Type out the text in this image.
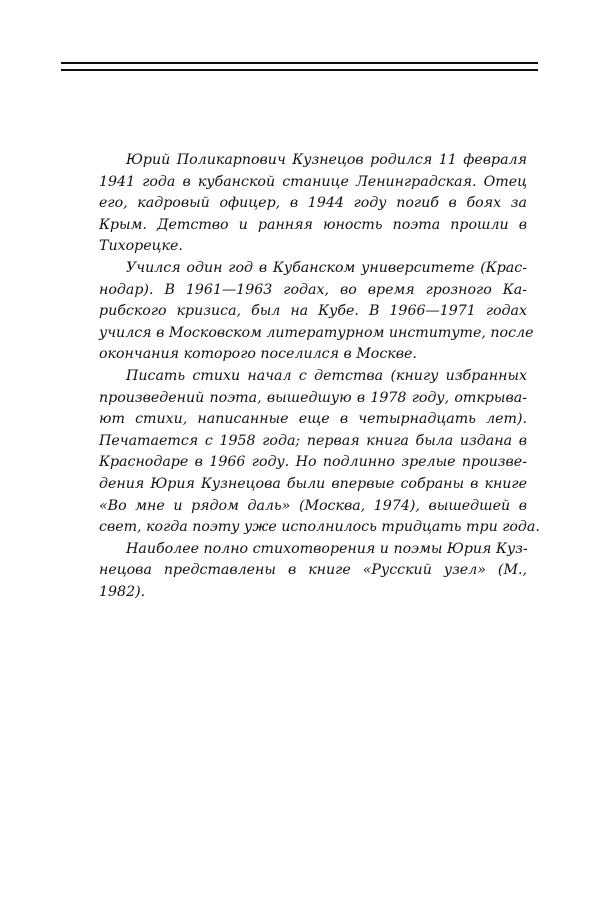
Юрий Поликарпович Кузнецов родился 11 февраля
1941 года в кубанской станице Ленинградская. Отец
его, кадровый офицер, в 1944 году погиб в боях за
Крым. Детство и ранняя юность поэта прошли в
Тихорецке.
Учился один год в Кубанском университете (Крас-
нодар). В 1961—1963 годах, во время грозного Ка-
рибского кризиса, был на Кубе. В 1966—1971 годах
учился в Московском литературном институте, после
окончания которого поселился в Москве.
Писать стихи начал с детства (книгу избранных
произведений поэта, вышедшую в 1978 году, открыва-
ют стихи, написанные еще в четырнадцать лет).
Печатается с 1958 года; первая книга была издана в
Краснодаре в 1966 году. Но подлинно зрелые произве-
дения Юрия Кузнецова были впервые собраны в книге
«Во мне и рядом даль» (Москва, 1974), вышедшей в
свет, когда поэту уже исполнилось тридцать три года.
Наиболее полно стихотворения и поэмы Юрия Куз-
нецова представлены в книге «Русский узел» (М.,
1982).
